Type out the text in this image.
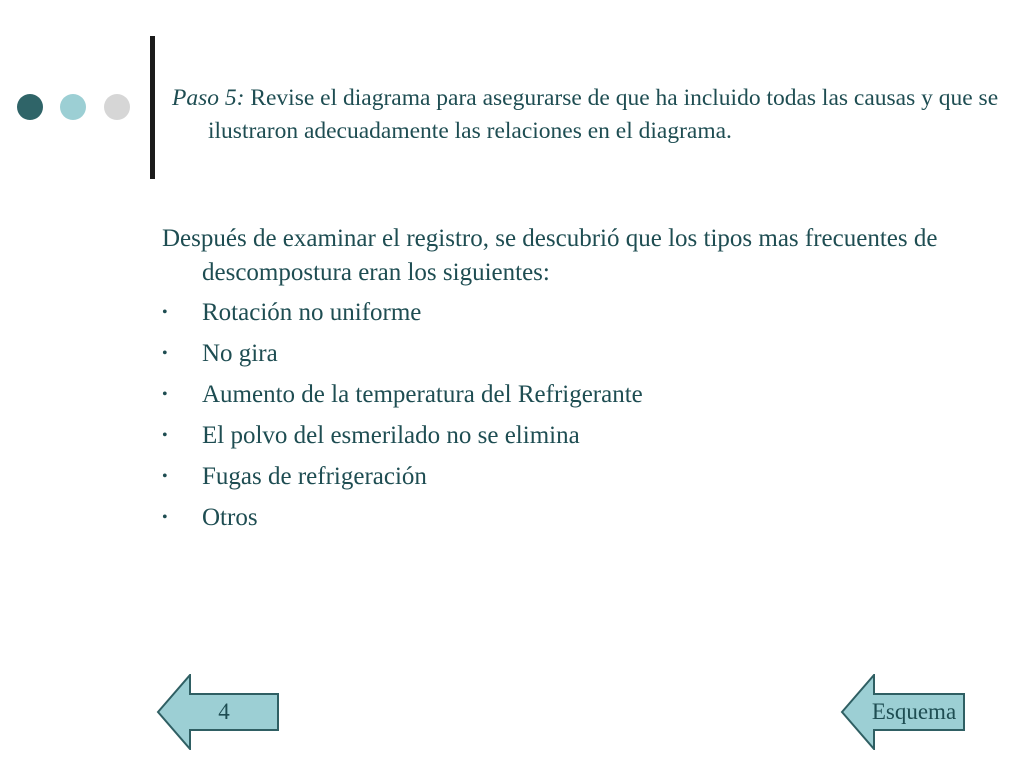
Paso 5: Revise el diagrama para asegurarse de que ha incluido todas las causas y que se ilustraron adecuadamente las relaciones en el diagrama.

Después de examinar el registro, se descubrió que los tipos mas frecuentes de descompostura eran los siguientes:

•	Rotación no uniforme
•	No gira
•	Aumento de la temperatura del Refrigerante
•	El polvo del esmerilado no se elimina
•	Fugas de refrigeración
•	Otros
4	Esquema
